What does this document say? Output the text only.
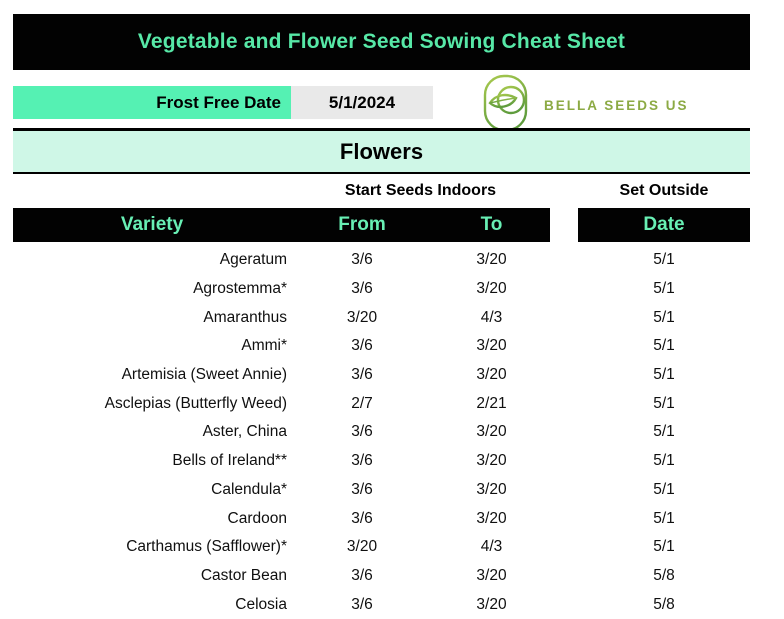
Vegetable and Flower Seed Sowing Cheat Sheet
Frost Free Date	5/1/2024	BELLA SEEDS US
Flowers
Start Seeds Indoors	Set Outside
Variety	From	To	Date
Ageratum	3/6	3/20	5/1
Agrostemma*	3/6	3/20	5/1
Amaranthus	3/20	4/3	5/1
Ammi*	3/6	3/20	5/1
Artemisia (Sweet Annie)	3/6	3/20	5/1
Asclepias (Butterfly Weed)	2/7	2/21	5/1
Aster, China	3/6	3/20	5/1
Bells of Ireland**	3/6	3/20	5/1
Calendula*	3/6	3/20	5/1
Cardoon	3/6	3/20	5/1
Carthamus (Safflower)*	3/20	4/3	5/1
Castor Bean	3/6	3/20	5/8
Celosia	3/6	3/20	5/8
